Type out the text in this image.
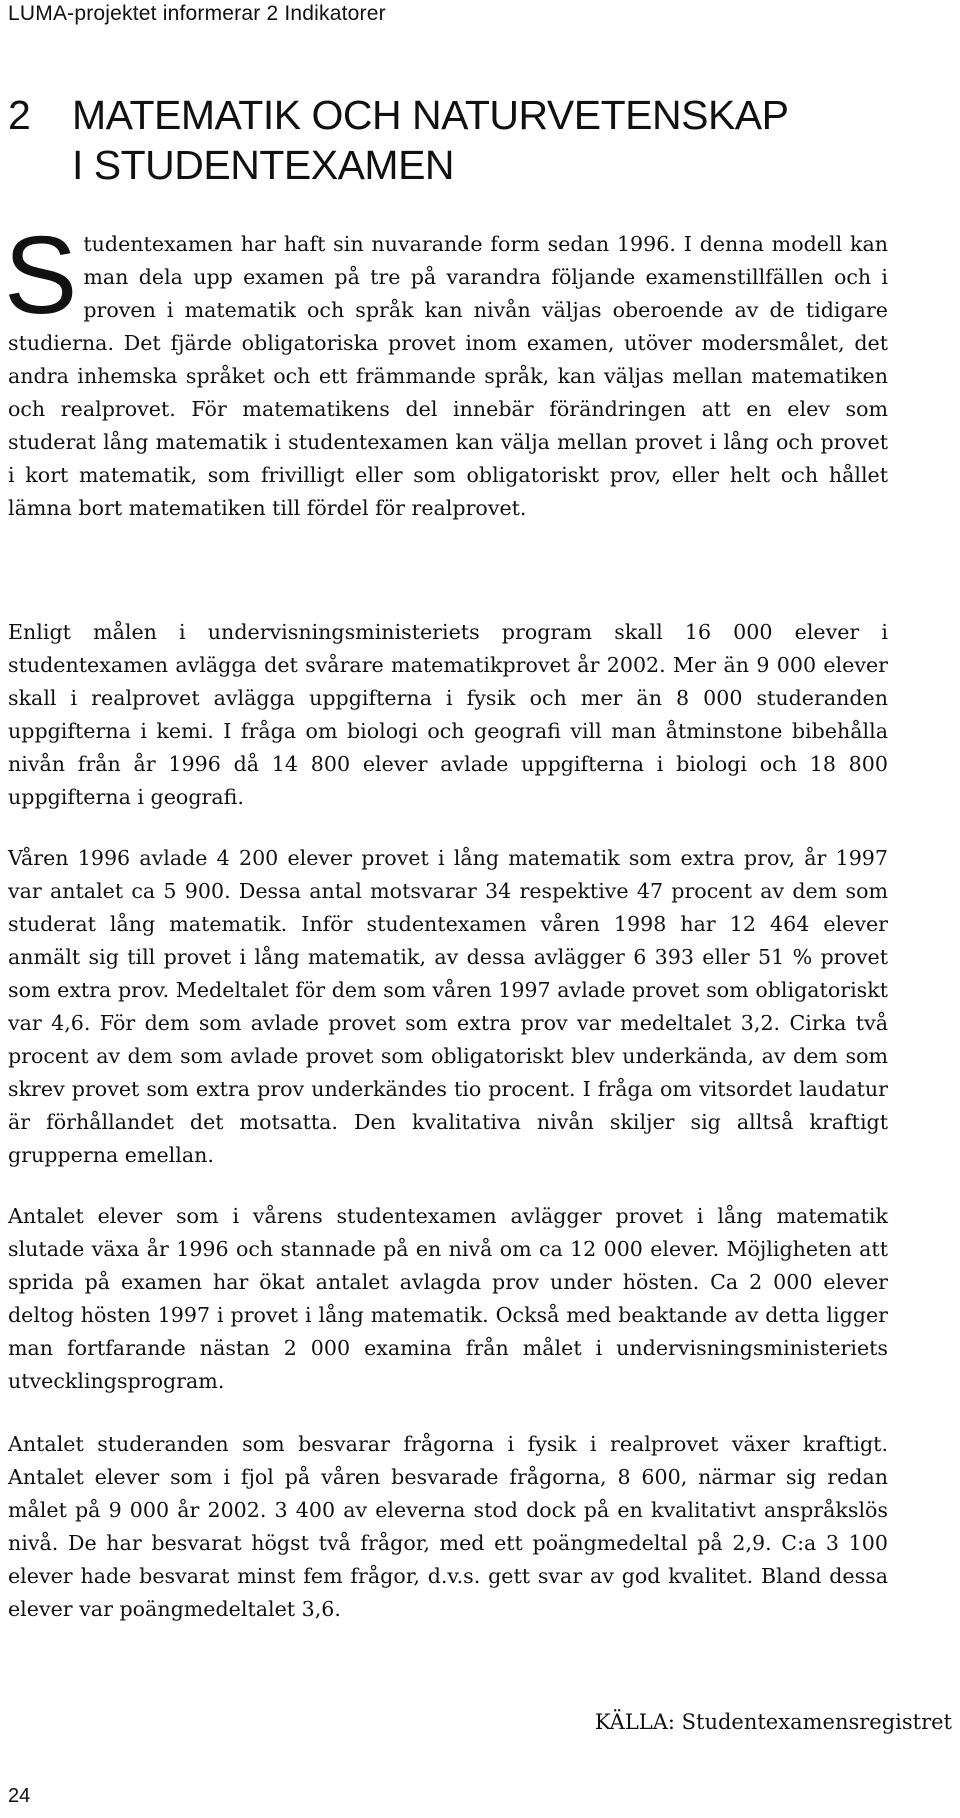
LUMA-projektet informerar 2 Indikatorer
2 MATEMATIK OCH NATURVETENSKAP
I STUDENTEXAMEN

Studentexamen har haft sin nuvarande form sedan 1996. I denna modell kan man dela upp examen på tre på varandra följande examenstillfällen och i proven i matematik och språk kan nivån väljas oberoende av de tidigare studierna. Det fjärde obligatoriska provet inom examen, utöver modersmålet, det andra inhemska språket och ett främmande språk, kan väljas mellan matematiken och realprovet. För matematikens del innebär förändringen att en elev som studerat lång matematik i studentexamen kan välja mellan provet i lång och provet i kort matematik, som frivilligt eller som obligatoriskt prov, eller helt och hållet lämna bort matematiken till fördel för realprovet.

Enligt målen i undervisningsministeriets program skall 16 000 elever i studentexamen avlägga det svårare matematikprovet år 2002. Mer än 9 000 elever skall i realprovet avlägga uppgifterna i fysik och mer än 8 000 studeranden uppgifterna i kemi. I fråga om biologi och geografi vill man åtminstone bibehålla nivån från år 1996 då 14 800 elever avlade uppgifterna i biologi och 18 800 uppgifterna i geografi.

Våren 1996 avlade 4 200 elever provet i lång matematik som extra prov, år 1997 var antalet ca 5 900. Dessa antal motsvarar 34 respektive 47 procent av dem som studerat lång matematik. Inför studentexamen våren 1998 har 12 464 elever anmält sig till provet i lång matematik, av dessa avlägger 6 393 eller 51 % provet som extra prov. Medeltalet för dem som våren 1997 avlade provet som obligatoriskt var 4,6. För dem som avlade provet som extra prov var medeltalet 3,2. Cirka två procent av dem som avlade provet som obligatoriskt blev underkända, av dem som skrev provet som extra prov underkändes tio procent. I fråga om vitsordet laudatur är förhållandet det motsatta. Den kvalitativa nivån skiljer sig alltså kraftigt grupperna emellan.

Antalet elever som i vårens studentexamen avlägger provet i lång matematik slutade växa år 1996 och stannade på en nivå om ca 12 000 elever. Möjligheten att sprida på examen har ökat antalet avlagda prov under hösten. Ca 2 000 elever deltog hösten 1997 i provet i lång matematik. Också med beaktande av detta ligger man fortfarande nästan 2 000 examina från målet i undervisningsministeriets utvecklingsprogram.

Antalet studeranden som besvarar frågorna i fysik i realprovet växer kraftigt. Antalet elever som i fjol på våren besvarade frågorna, 8 600, närmar sig redan målet på 9 000 år 2002. 3 400 av eleverna stod dock på en kvalitativt anspråkslös nivå. De har besvarat högst två frågor, med ett poängmedeltal på 2,9. C:a 3 100 elever hade besvarat minst fem frågor, d.v.s. gett svar av god kvalitet. Bland dessa elever var poängmedeltalet 3,6.

KÄLLA: Studentexamensregistret
24
